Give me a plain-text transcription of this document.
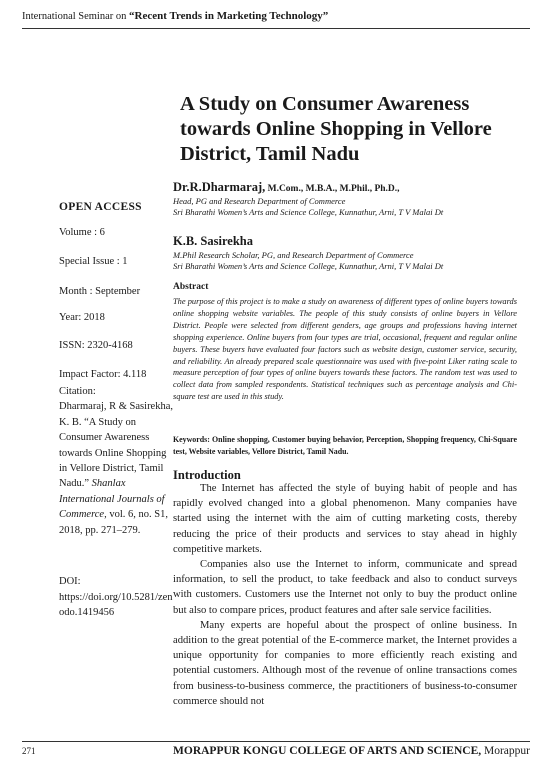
International Seminar on “Recent Trends in Marketing Technology”
A Study on Consumer Awareness towards Online Shopping in Vellore District, Tamil Nadu
Dr.R.Dharmaraj, M.Com., M.B.A., M.Phil., Ph.D.,
Head, PG and Research Department of Commerce
Sri Bharathi Women’s Arts and Science College, Kunnathur, Arni, T V Malai Dt
K.B. Sasirekha
M.Phil Research Scholar, PG, and Research Department of Commerce
Sri Bharathi Women’s Arts and Science College, Kunnathur, Arni, T V Malai Dt
OPEN ACCESS
Volume : 6
Special Issue : 1
Month : September
Year: 2018
ISSN: 2320-4168
Impact Factor: 4.118
Citation:
Dharmaraj, R & Sasirekha, K. B. “A Study on Consumer Awareness towards Online Shopping in Vellore District, Tamil Nadu.” Shanlax International Journals of Commerce, vol. 6, no. S1, 2018, pp. 271–279.
DOI:
https://doi.org/10.5281/zenodo.1419456
Abstract
The purpose of this project is to make a study on awareness of different types of online buyers towards online shopping website variables. The people of this study consists of online buyers in Vellore District. People were selected from different genders, age groups and professions having internet shopping experience. Online buyers from four types are trial, occasional, frequent and regular online buyers. These buyers have evaluated four factors such as website design, customer service, security, and reliability. An already prepared scale questionnaire was used with five-point Liker rating scale to measure perception of four types of online buyers towards these factors. The random test was used to collect data from sampled respondents. Statistical techniques such as percentage analysis and Chi-square test are used in this study.
Keywords: Online shopping, Customer buying behavior, Perception, Shopping frequency, Chi-Square test, Website variables, Vellore District, Tamil Nadu.
Introduction

The Internet has affected the style of buying habit of people and has rapidly evolved changed into a global phenomenon. Many companies have started using the internet with the aim of cutting marketing costs, thereby reducing the price of their products and services to stay ahead in highly competitive markets.

Companies also use the Internet to inform, communicate and spread information, to sell the product, to take feedback and also to conduct surveys with customers. Customers use the Internet not only to buy the product online but also to compare prices, product features and after sale service facilities.

Many experts are hopeful about the prospect of online business. In addition to the great potential of the E-commerce market, the Internet provides a unique opportunity for companies to more efficiently reach existing and potential customers. Although most of the revenue of online transactions comes from business-to-business commerce, the practitioners of business-to-consumer commerce should not

271	MORAPPUR KONGU COLLEGE OF ARTS AND SCIENCE, Morappur
